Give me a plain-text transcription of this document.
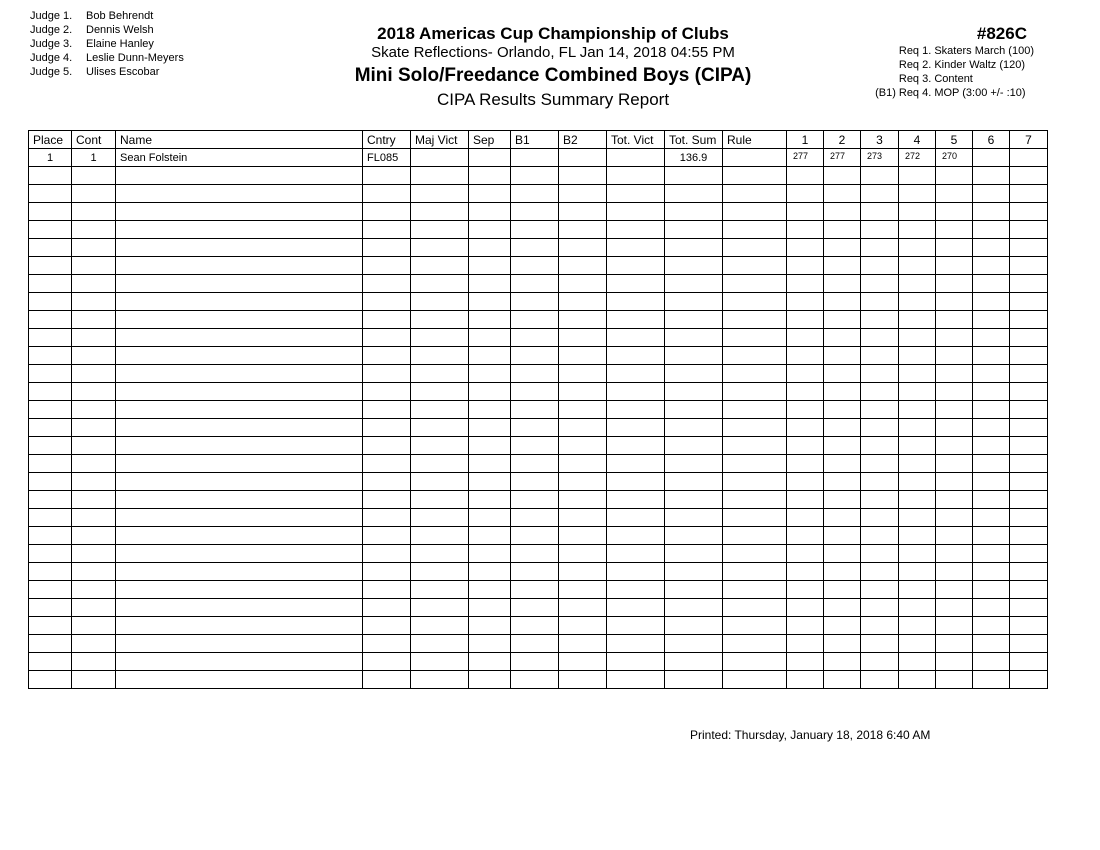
Judge 1. Bob Behrendt
Judge 2. Dennis Welsh
Judge 3. Elaine Hanley
Judge 4. Leslie Dunn-Meyers
Judge 5. Ulises Escobar
2018 Americas Cup Championship of Clubs
Skate Reflections- Orlando, FL Jan 14, 2018 04:55 PM
Mini Solo/Freedance Combined Boys (CIPA)
CIPA Results Summary Report
#826C
Req 1. Skaters March (100)
Req 2. Kinder Waltz (120)
Req 3. Content
(B1) Req 4. MOP (3:00 +/- :10)
Place	Cont	Name	Cntry	Maj Vict	Sep	B1	B2	Tot. Vict	Tot. Sum	Rule	1	2	3	4	5	6	7
1	1	Sean Folstein	FL085						136.9		277	277	273	272	270		

Printed: Thursday, January 18, 2018 6:40 AM
